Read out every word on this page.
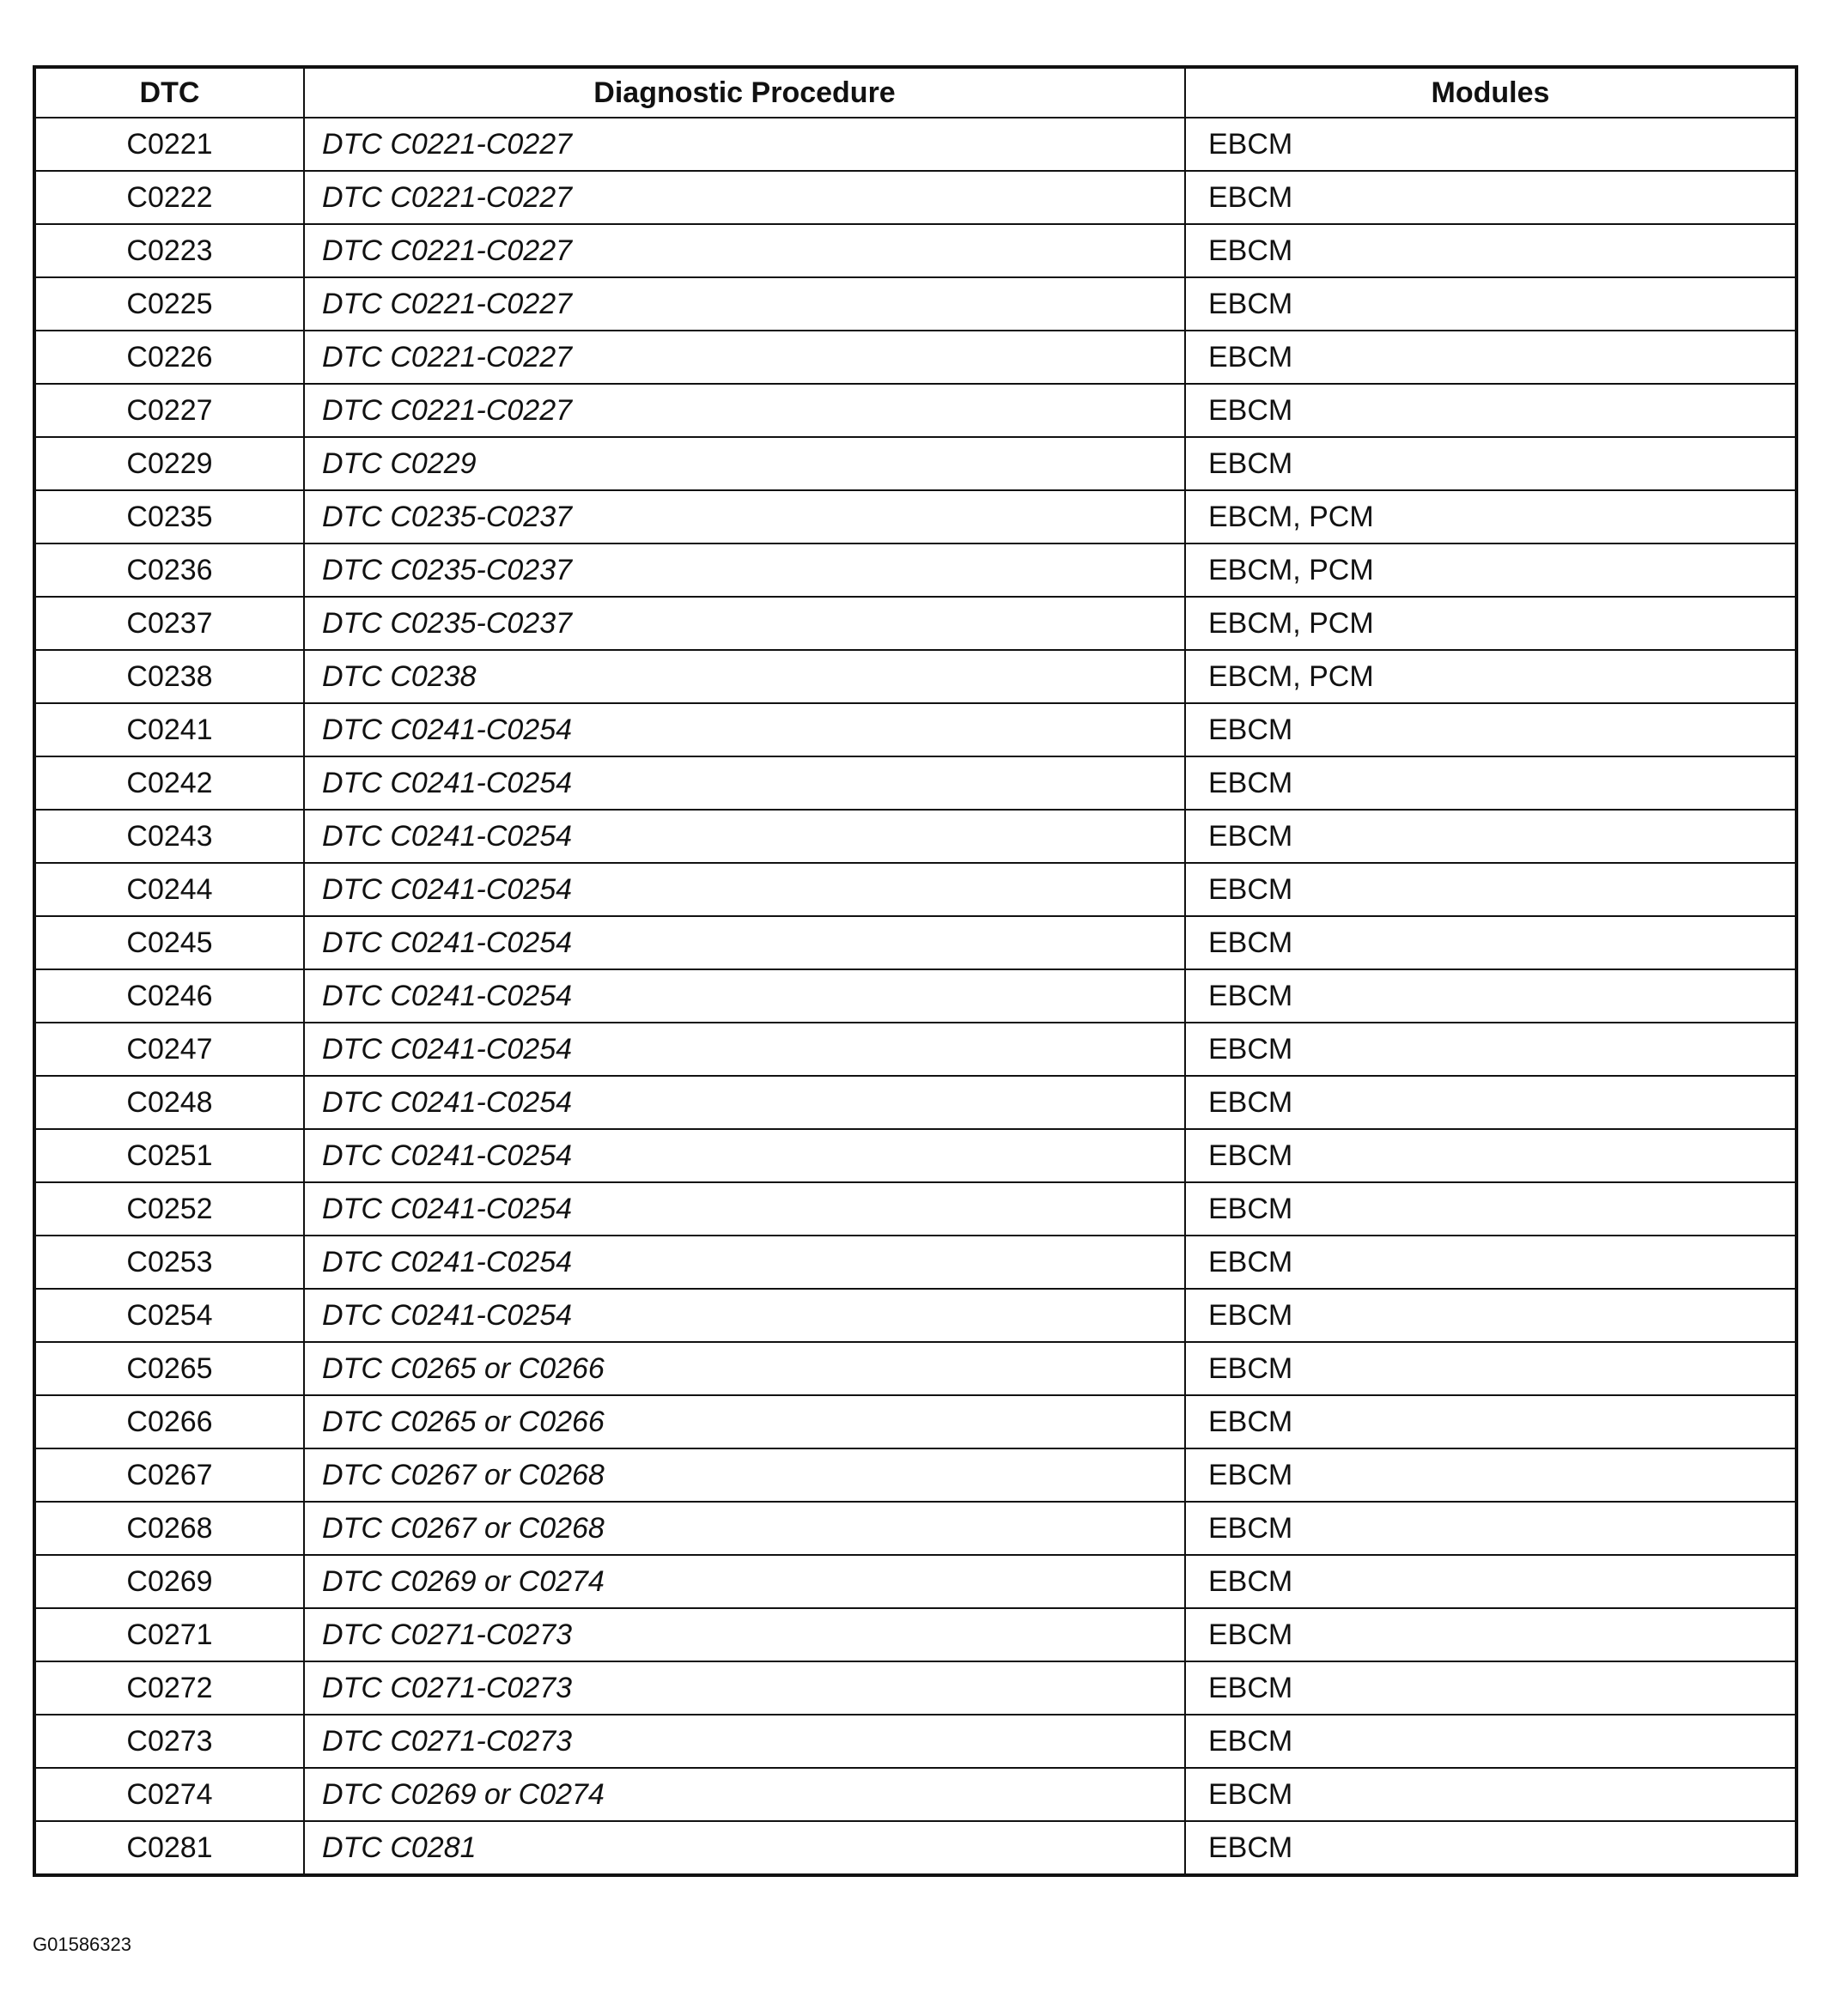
DTC	Diagnostic Procedure	Modules
C0221	DTC C0221-C0227	EBCM
C0222	DTC C0221-C0227	EBCM
C0223	DTC C0221-C0227	EBCM
C0225	DTC C0221-C0227	EBCM
C0226	DTC C0221-C0227	EBCM
C0227	DTC C0221-C0227	EBCM
C0229	DTC C0229	EBCM
C0235	DTC C0235-C0237	EBCM, PCM
C0236	DTC C0235-C0237	EBCM, PCM
C0237	DTC C0235-C0237	EBCM, PCM
C0238	DTC C0238	EBCM, PCM
C0241	DTC C0241-C0254	EBCM
C0242	DTC C0241-C0254	EBCM
C0243	DTC C0241-C0254	EBCM
C0244	DTC C0241-C0254	EBCM
C0245	DTC C0241-C0254	EBCM
C0246	DTC C0241-C0254	EBCM
C0247	DTC C0241-C0254	EBCM
C0248	DTC C0241-C0254	EBCM
C0251	DTC C0241-C0254	EBCM
C0252	DTC C0241-C0254	EBCM
C0253	DTC C0241-C0254	EBCM
C0254	DTC C0241-C0254	EBCM
C0265	DTC C0265 or C0266	EBCM
C0266	DTC C0265 or C0266	EBCM
C0267	DTC C0267 or C0268	EBCM
C0268	DTC C0267 or C0268	EBCM
C0269	DTC C0269 or C0274	EBCM
C0271	DTC C0271-C0273	EBCM
C0272	DTC C0271-C0273	EBCM
C0273	DTC C0271-C0273	EBCM
C0274	DTC C0269 or C0274	EBCM
C0281	DTC C0281	EBCM
G01586323
